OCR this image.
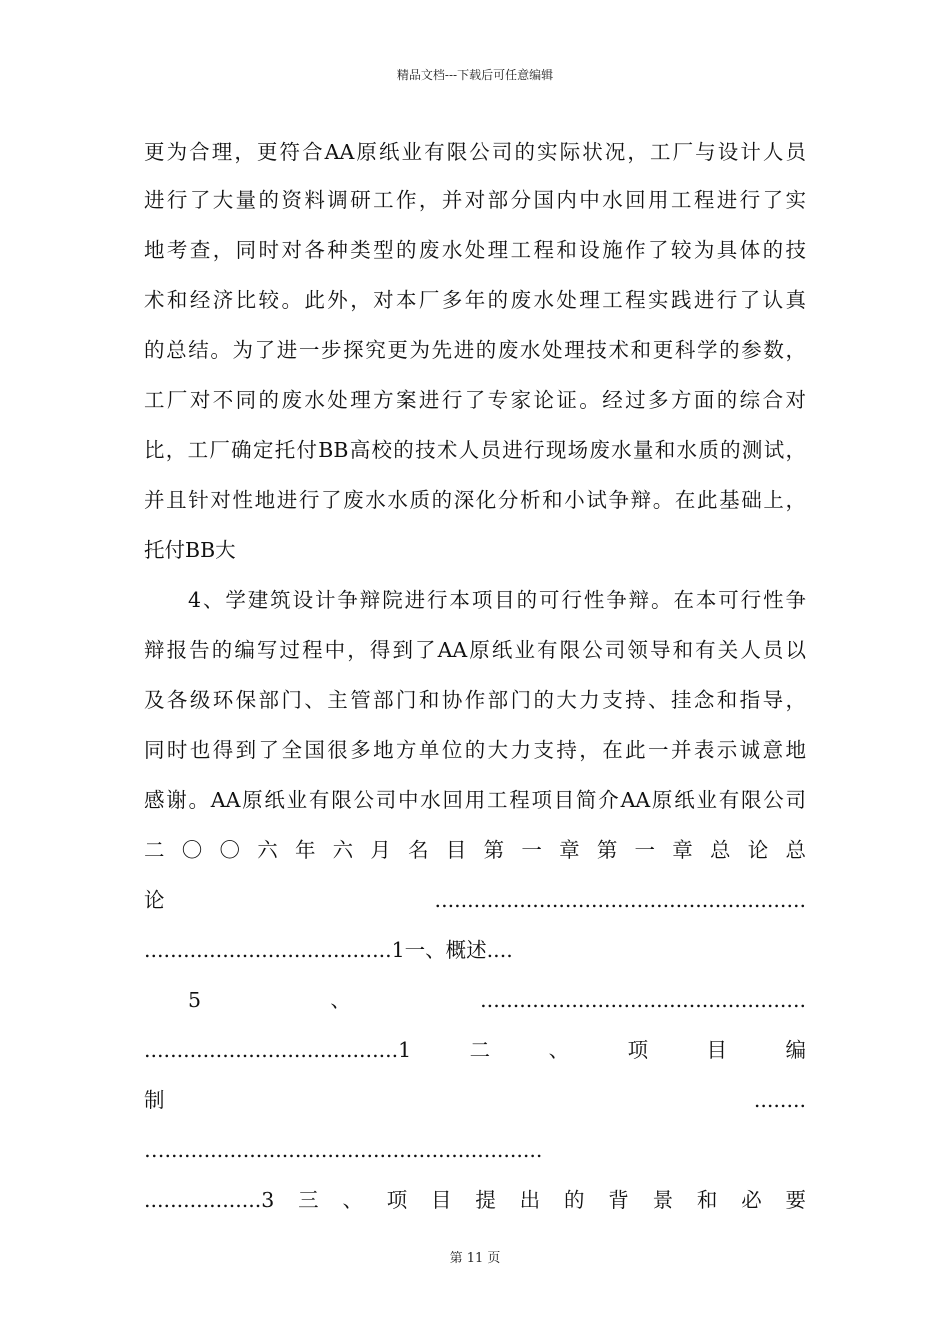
精品文档---下载后可任意编辑
更为合理，更符合AA原纸业有限公司的实际状况，工厂与设计人员
进行了大量的资料调研工作，并对部分国内中水回用工程进行了实
地考查，同时对各种类型的废水处理工程和设施作了较为具体的技
术和经济比较。此外，对本厂多年的废水处理工程实践进行了认真
的总结。为了进一步探究更为先进的废水处理技术和更科学的参数，
工厂对不同的废水处理方案进行了专家论证。经过多方面的综合对
比，工厂确定托付BB高校的技术人员进行现场废水量和水质的测试，
并且针对性地进行了废水水质的深化分析和小试争辩。在此基础上，
托付BB大
4、学建筑设计争辩院进行本项目的可行性争辩。在本可行性争
辩报告的编写过程中，得到了AA原纸业有限公司领导和有关人员以
及各级环保部门、主管部门和协作部门的大力支持、挂念和指导，
同时也得到了全国很多地方单位的大力支持，在此一并表示诚意地
感谢。AA原纸业有限公司中水回用工程项目简介AA原纸业有限公司
二〇〇六年六月名目第一章第一章总论总
论.........................................................
......................................1一、概述....
5、..................................................
.......................................1二、项目编
制	........
…..........................................................
..................3三、项目提出的背景和必要
第 11 页
